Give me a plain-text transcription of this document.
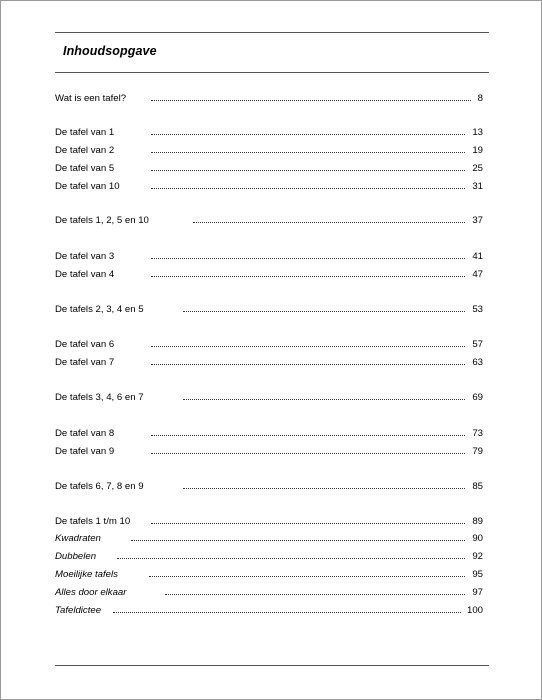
Inhoudsopgave
Wat is een tafel?	8
De tafel van 1	13
De tafel van 2	19
De tafel van 5	25
De tafel van 10	31
De tafels 1, 2, 5 en 10	37
De tafel van 3	41
De tafel van 4	47
De tafels 2, 3, 4 en 5	53
De tafel van 6	57
De tafel van 7	63
De tafels 3, 4, 6 en 7	69
De tafel van 8	73
De tafel van 9	79
De tafels 6, 7, 8 en 9	85
De tafels 1 t/m 10	89
Kwadraten	90
Dubbelen	92
Moeilijke tafels	95
Alles door elkaar	97
Tafeldictee	100
